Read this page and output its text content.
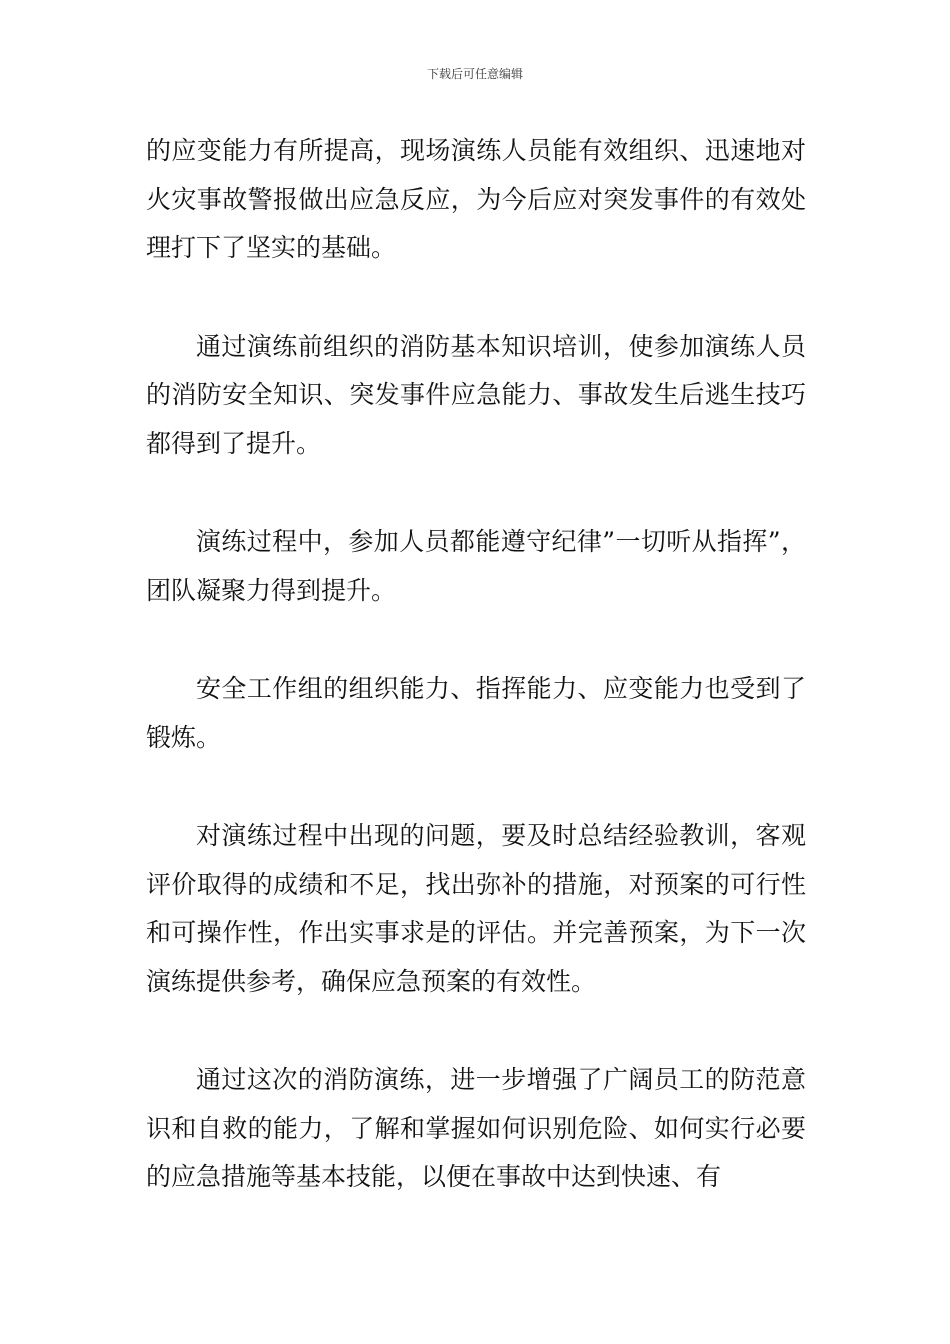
下载后可任意编辑

的应变能力有所提高，现场演练人员能有效组织、迅速地对火灾事故警报做出应急反应，为今后应对突发事件的有效处理打下了坚实的基础。

通过演练前组织的消防基本知识培训，使参加演练人员的消防安全知识、突发事件应急能力、事故发生后逃生技巧都得到了提升。

演练过程中，参加人员都能遵守纪律”一切听从指挥”，团队凝聚力得到提升。

安全工作组的组织能力、指挥能力、应变能力也受到了锻炼。

对演练过程中出现的问题，要及时总结经验教训，客观评价取得的成绩和不足，找出弥补的措施，对预案的可行性和可操作性，作出实事求是的评估。并完善预案，为下一次演练提供参考，确保应急预案的有效性。

通过这次的消防演练，进一步增强了广阔员工的防范意识和自救的能力，了解和掌握如何识别危险、如何实行必要的应急措施等基本技能，以便在事故中达到快速、有
